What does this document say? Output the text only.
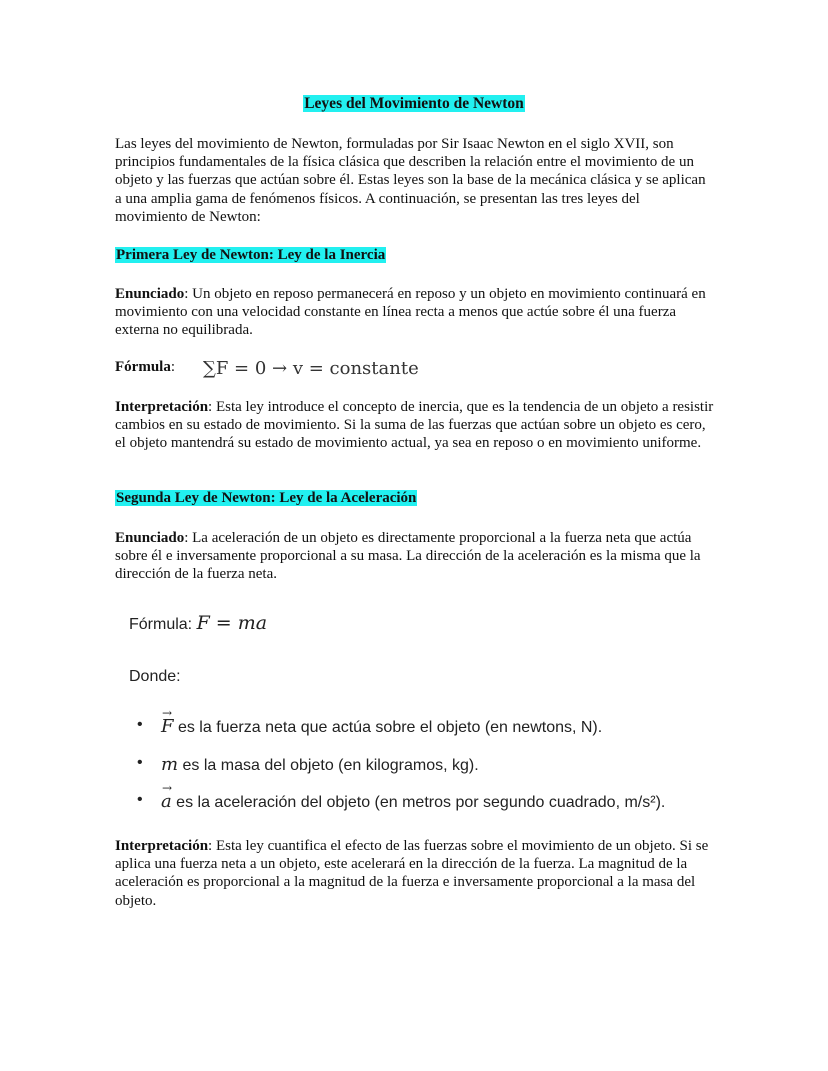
Leyes del Movimiento de Newton
Las leyes del movimiento de Newton, formuladas por Sir Isaac Newton en el siglo XVII, son principios fundamentales de la física clásica que describen la relación entre el movimiento de un objeto y las fuerzas que actúan sobre él. Estas leyes son la base de la mecánica clásica y se aplican a una amplia gama de fenómenos físicos. A continuación, se presentan las tres leyes del movimiento de Newton:
Primera Ley de Newton: Ley de la Inercia
Enunciado: Un objeto en reposo permanecerá en reposo y un objeto en movimiento continuará en movimiento con una velocidad constante en línea recta a menos que actúe sobre él una fuerza externa no equilibrada.
Fórmula: ∑F = 0 → v = constante
Interpretación: Esta ley introduce el concepto de inercia, que es la tendencia de un objeto a resistir cambios en su estado de movimiento. Si la suma de las fuerzas que actúan sobre un objeto es cero, el objeto mantendrá su estado de movimiento actual, ya sea en reposo o en movimiento uniforme.
Segunda Ley de Newton: Ley de la Aceleración
Enunciado: La aceleración de un objeto es directamente proporcional a la fuerza neta que actúa sobre él e inversamente proporcional a su masa. La dirección de la aceleración es la misma que la dirección de la fuerza neta.
Fórmula: F = ma
Donde:
• → F es la fuerza neta que actúa sobre el objeto (en newtons, N).
• m es la masa del objeto (en kilogramos, kg).
• → a es la aceleración del objeto (en metros por segundo cuadrado, m/s²).
Interpretación: Esta ley cuantifica el efecto de las fuerzas sobre el movimiento de un objeto. Si se aplica una fuerza neta a un objeto, este acelerará en la dirección de la fuerza. La magnitud de la aceleración es proporcional a la magnitud de la fuerza e inversamente proporcional a la masa del objeto.
